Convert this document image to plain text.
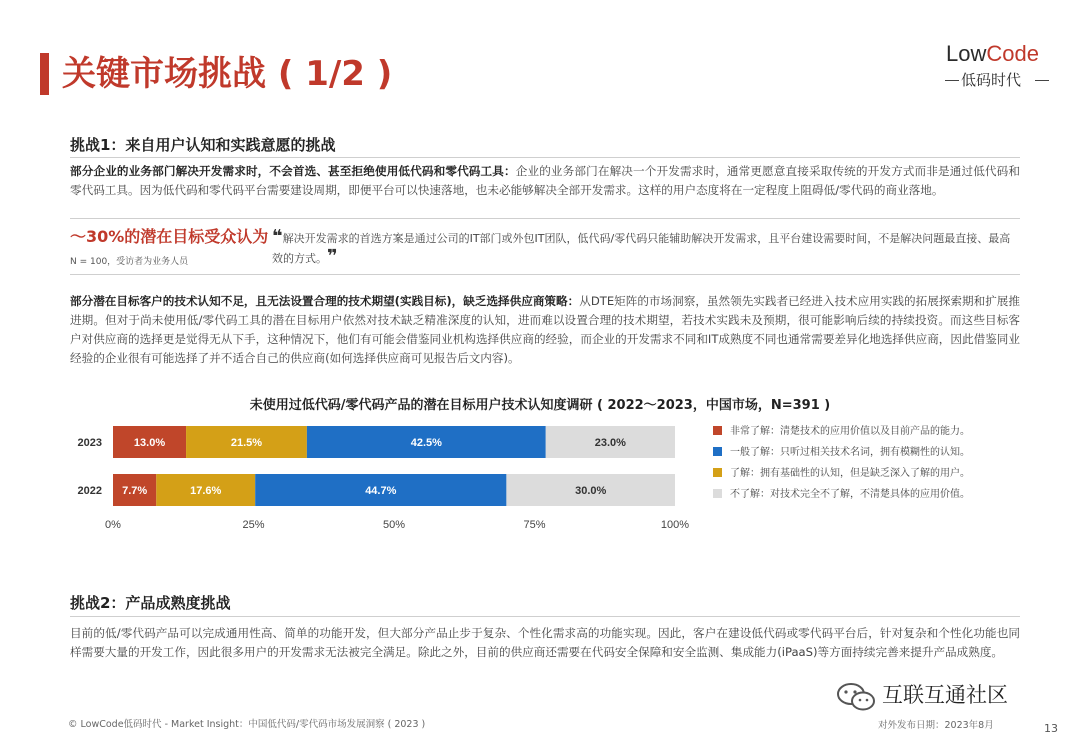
关键市场挑战 ( 1/2 )
LowCode
低码时代
挑战1：来自用户认知和实践意愿的挑战
部分企业的业务部门解决开发需求时，不会首选、甚至拒绝使用低代码和零代码工具：企业的业务部门在解决一个开发需求时，通常更愿意直接采取传统的开发方式而非是通过低代码和零代码工具。因为低代码和零代码平台需要建设周期，即便平台可以快速落地，也未必能够解决全部开发需求。这样的用户态度将在一定程度上阻碍低/零代码的商业落地。
～30%的潜在目标受众认为
N = 100，受访者为业务人员
❝解决开发需求的首选方案是通过公司的IT部门或外包IT团队，低代码/零代码只能辅助解决开发需求，且平台建设需要时间，不是解决问题最直接、最高效的方式。❞
部分潜在目标客户的技术认知不足，且无法设置合理的技术期望(实践目标)，缺乏选择供应商策略：从DTE矩阵的市场洞察，虽然领先实践者已经进入技术应用实践的拓展探索期和扩展推进期。但对于尚未使用低/零代码工具的潜在目标用户依然对技术缺乏精准深度的认知，进而难以设置合理的技术期望，若技术实践未及预期，很可能影响后续的持续投资。而这些目标客户对供应商的选择更是觉得无从下手，这种情况下，他们有可能会借鉴同业机构选择供应商的经验，而企业的开发需求不同和IT成熟度不同也通常需要差异化地选择供应商，因此借鉴同业经验的企业很有可能选择了并不适合自己的供应商(如何选择供应商可见报告后文内容)。
未使用过低代码/零代码产品的潜在目标用户技术认知度调研 ( 2022～2023，中国市场，N=391 )
2023	13.0%	21.5%	42.5%	23.0%
2022 7.7%	17.6%	44.7%	30.0%
0%	25%	50%	75%	100%
非常了解：清楚技术的应用价值以及目前产品的能力。
一般了解：只听过相关技术名词，拥有模糊性的认知。
了解：拥有基础性的认知，但是缺乏深入了解的用户。
不了解：对技术完全不了解，不清楚具体的应用价值。
挑战2：产品成熟度挑战
目前的低/零代码产品可以完成通用性高、简单的功能开发，但大部分产品止步于复杂、个性化需求高的功能实现。因此，客户在建设低代码或零代码平台后，针对复杂和个性化功能也同样需要大量的开发工作，因此很多用户的开发需求无法被完全满足。除此之外，目前的供应商还需要在代码安全保障和安全监测、集成能力(iPaaS)等方面持续完善来提升产品成熟度。
互联互通社区
© LowCode低码时代 - Market Insight：中国低代码/零代码市场发展洞察 ( 2023 )	对外发布日期：2023年8月	13
